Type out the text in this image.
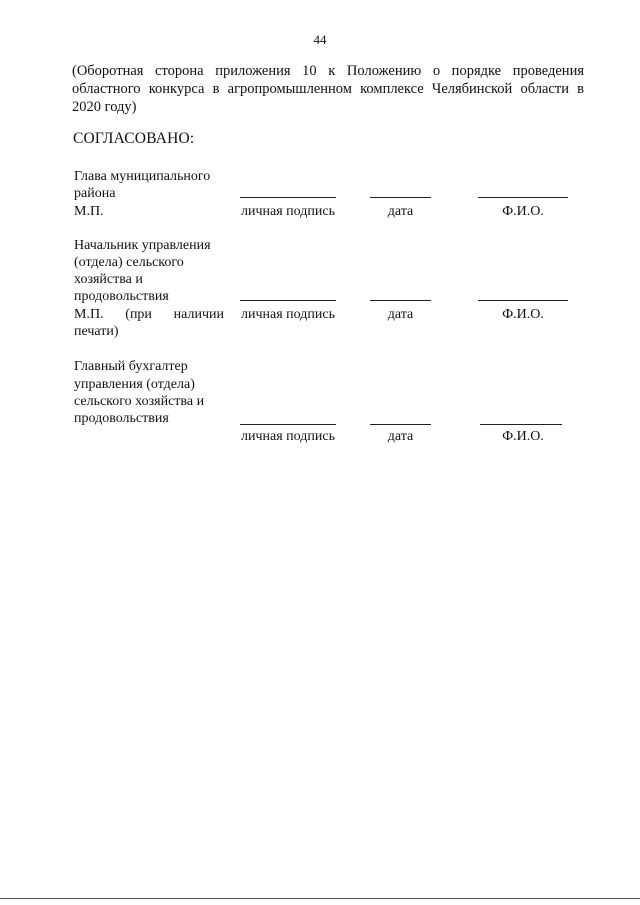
44
(Оборотная сторона приложения 10 к Положению о порядке проведения
областного конкурса в агропромышленном комплексе Челябинской области в
2020 году)
СОГЛАСОВАНО:
Глава муниципального
района
М.П.	личная подпись	дата	Ф.И.О.
Начальник управления
(отдела) сельского
хозяйства и
продовольствия
М.П. (при наличии
печати)
личная подпись	дата	Ф.И.О.
Главный бухгалтер
управления (отдела)
сельского хозяйства и
продовольствия
личная подпись	дата	Ф.И.О.
